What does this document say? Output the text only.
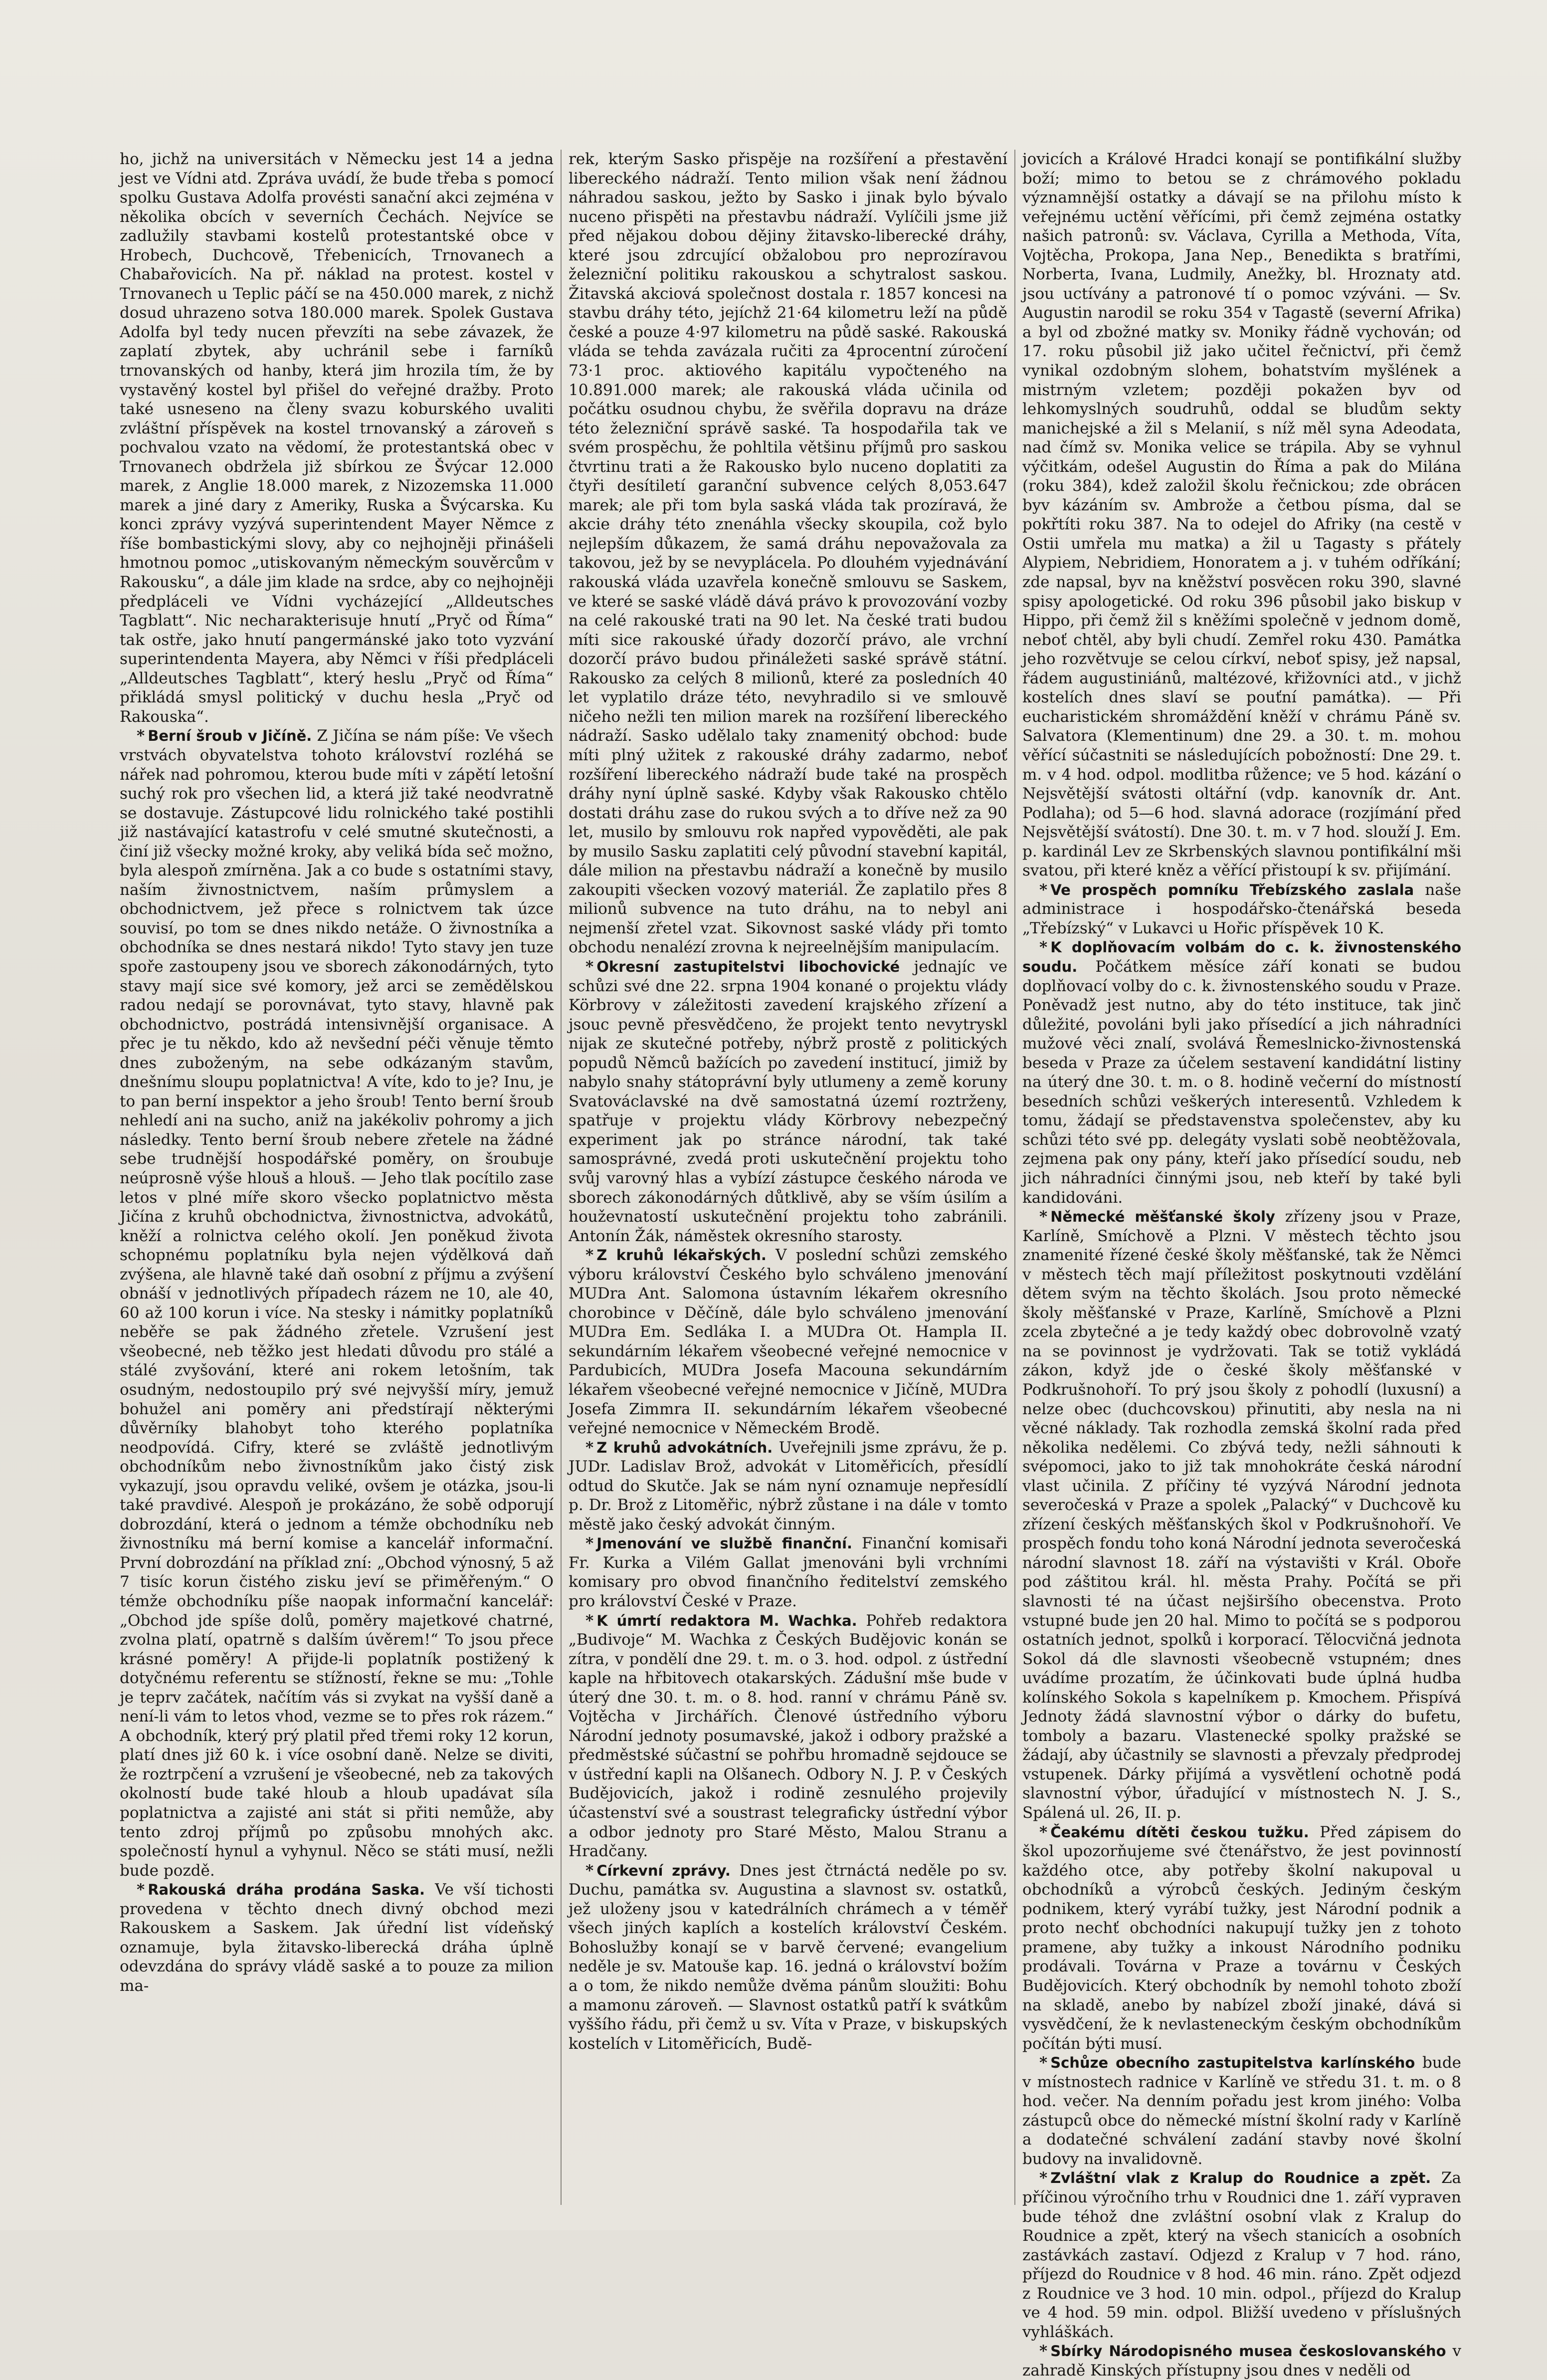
ho, jichž na universitách v Německu jest 14 a jedna jest ve Vídni atd. Zpráva uvádí, že bude třeba s pomocí spolku Gustava Adolfa provésti sanační akci zejména v několika obcích v severních Čechách. Nejvíce se zadlužily stavbami kostelů protestantské obce v Hrobech, Duchcově, Třebenicích, Trnovanech a Chabařovicích. Na př. náklad na protest. kostel v Trnovanech u Teplic páčí se na 450.000 marek, z nichž dosud uhrazeno sotva 180.000 marek. Spolek Gustava Adolfa byl tedy nucen převzíti na sebe závazek, že zaplatí zbytek, aby uchránil sebe i farníků trnovanských od hanby, která jim hrozila tím, že by vystavěný kostel byl přišel do veřejné dražby. Proto také usneseno na členy svazu koburského uvaliti zvláštní příspěvek na kostel trnovanský a zároveň s pochvalou vzato na vědomí, že protestantská obec v Trnovanech obdržela již sbírkou ze Švýcar 12.000 marek, z Anglie 18.000 marek, z Nizozemska 11.000 marek a jiné dary z Ameriky, Ruska a Švýcarska. Ku konci zprávy vyzývá superintendent Mayer Němce z říše bombastickými slovy, aby co nejhojněji přinášeli hmotnou pomoc „utiskovaným německým souvěrcům v Rakousku“, a dále jim klade na srdce, aby co nejhojněji předpláceli ve Vídni vycházející „Alldeutsches Tagblatt“. Nic necharakterisuje hnutí „Pryč od Říma“ tak ostře, jako hnutí pangermánské jako toto vyzvání superintendenta Mayera, aby Němci v říši předpláceli „Alldeutsches Tagblatt“, který heslu „Pryč od Říma“ přikládá smysl politický v duchu hesla „Pryč od Rakouska“.

* Berní šroub v Jičíně. Z Jičína se nám píše: Ve všech vrstvách obyvatelstva tohoto království rozléhá se nářek nad pohromou, kterou bude míti v zápětí letošní suchý rok pro všechen lid, a která již také neodvratně se dostavuje. Zástupcové lidu rolnického také postihli již nastávající katastrofu v celé smutné skutečnosti, a činí již všecky možné kroky, aby veliká bída seč možno, byla alespoň zmírněna. Jak a co bude s ostatními stavy, naším živnostnictvem, naším průmyslem a obchodnictvem, jež přece s rolnictvem tak úzce souvisí, po tom se dnes nikdo netáže. O živnostníka a obchodníka se dnes nestará nikdo! Tyto stavy jen tuze spoře zastoupeny jsou ve sborech zákonodárných, tyto stavy mají sice své komory, jež arci se zemědělskou radou nedají se porovnávat, tyto stavy, hlavně pak obchodnictvo, postrádá intensivnější organisace. A přec je tu někdo, kdo až nevšední péči věnuje těmto dnes zuboženým, na sebe odkázaným stavům, dnešnímu sloupu poplatnictva! A víte, kdo to je? Inu, je to pan berní inspektor a jeho šroub! Tento berní šroub nehledí ani na sucho, aniž na jakékoliv pohromy a jich následky. Tento berní šroub nebere zřetele na žádné sebe trudnější hospodářské poměry, on šroubuje neúprosně výše hlouš a hlouš. — Jeho tlak pocítilo zase letos v plné míře skoro všecko poplatnictvo města Jičína z kruhů obchodnictva, živnostnictva, advokátů, kněží a rolnictva celého okolí. Jen poněkud života schopnému poplatníku byla nejen výdělková daň zvýšena, ale hlavně také daň osobní z příjmu a zvýšení obnáší v jednotlivých případech rázem ne 10, ale 40, 60 až 100 korun i více. Na stesky i námitky poplatníků neběře se pak žádného zřetele. Vzrušení jest všeobecné, neb těžko jest hledati důvodu pro stálé a stálé zvyšování, které ani rokem letošním, tak osudným, nedostoupilo prý své nejvyšší míry, jemuž bohužel ani poměry ani předstírají některými důvěrníky blahobyt toho kterého poplatníka neodpovídá. Cifry, které se zvláště jednotlivým obchodníkům nebo živnostníkům jako čistý zisk vykazují, jsou opravdu veliké, ovšem je otázka, jsou-li také pravdivé. Alespoň je prokázáno, že sobě odporují dobrozdání, která o jednom a témže obchodníku neb živnostníku má berní komise a kancelář informační. První dobrozdání na příklad zní: „Obchod výnosný, 5 až 7 tisíc korun čistého zisku jeví se přiměřeným.“ O témže obchodníku píše naopak informační kancelář: „Obchod jde spíše dolů, poměry majetkové chatrné, zvolna platí, opatrně s dalším úvěrem!“ To jsou přece krásné poměry! A přijde-li poplatník postižený k dotyčnému referentu se stížností, řekne se mu: „Tohle je teprv začátek, načítím vás si zvykat na vyšší daně a není-li vám to letos vhod, vezme se to přes rok rázem.“ A obchodník, který prý platil před třemi roky 12 korun, platí dnes již 60 k. i více osobní daně. Nelze se diviti, že roztrpčení a vzrušení je všeobecné, neb za takových okolností bude také hloub a hloub upadávat síla poplatnictva a zajisté ani stát si přiti nemůže, aby tento zdroj příjmů po způsobu mnohých akc. společností hynul a vyhynul. Něco se státi musí, nežli bude pozdě.

* Rakouská dráha prodána Saska. Ve vší tichosti provedena v těchto dnech divný obchod mezi Rakouskem a Saskem. Jak úřední list vídeňský oznamuje, byla žitavsko-liberecká dráha úplně odevzdána do správy vládě saské a to pouze za milion ma-

rek, kterým Sasko přispěje na rozšíření a přestavění libereckého nádraží. Tento milion však není žádnou náhradou saskou, ježto by Sasko i jinak bylo bývalo nuceno přispěti na přestavbu nádraží. Vylíčili jsme již před nějakou dobou dějiny žitavsko-liberecké dráhy, které jsou zdrcující obžalobou pro neprozíravou železniční politiku rakouskou a schytralost saskou. Žitavská akciová společnost dostala r. 1857 koncesi na stavbu dráhy této, jejíchž 21·64 kilometru leží na půdě české a pouze 4·97 kilometru na půdě saské. Rakouská vláda se tehda zavázala ručiti za 4procentní zúročení 73·1 proc. aktiového kapitálu vypočteného na 10.891.000 marek; ale rakouská vláda učinila od počátku osudnou chybu, že svěřila dopravu na dráze této železniční správě saské. Ta hospodařila tak ve svém prospěchu, že pohltila většinu příjmů pro saskou čtvrtinu trati a že Rakousko bylo nuceno doplatiti za čtyři desítiletí garanční subvence celých 8,053.647 marek; ale při tom byla saská vláda tak prozíravá, že akcie dráhy této znenáhla všecky skoupila, což bylo nejlepším důkazem, že samá dráhu nepovažovala za takovou, jež by se nevyplácela. Po dlouhém vyjednávání rakouská vláda uzavřela konečně smlouvu se Saskem, ve které se saské vládě dává právo k provozování vozby na celé rakouské trati na 90 let. Na české trati budou míti sice rakouské úřady dozorčí právo, ale vrchní dozorčí právo budou přináležeti saské správě státní. Rakousko za celých 8 milionů, které za posledních 40 let vyplatilo dráze této, nevyhradilo si ve smlouvě ničeho nežli ten milion marek na rozšíření libereckého nádraží. Sasko udělalo taky znamenitý obchod: bude míti plný užitek z rakouské dráhy zadarmo, neboť rozšíření libereckého nádraží bude také na prospěch dráhy nyní úplně saské. Kdyby však Rakousko chtělo dostati dráhu zase do rukou svých a to dříve než za 90 let, musilo by smlouvu rok napřed vypověděti, ale pak by musilo Sasku zaplatiti celý původní stavební kapitál, dále milion na přestavbu nádraží a konečně by musilo zakoupiti všecken vozový materiál. Že zaplatilo přes 8 milionů subvence na tuto dráhu, na to nebyl ani nejmenší zřetel vzat. Sikovnost saské vlády při tomto obchodu nenalézí zrovna k nejreelnějším manipulacím.

* Okresní zastupitelstvi libochovické jednajíc ve schůzi své dne 22. srpna 1904 konané o projektu vlády Körbrovy v záležitosti zavedení krajského zřízení a jsouc pevně přesvědčeno, že projekt tento nevytryskl nijak ze skutečné potřeby, nýbrž prostě z politických popudů Němců bažících po zavedení institucí, jimiž by nabylo snahy státoprávní byly utlumeny a země koruny Svatováclavské na dvě samostatná území roztrženy, spatřuje v projektu vlády Körbrovy nebezpečný experiment jak po stránce národní, tak také samosprávné, zvedá proti uskutečnění projektu toho svůj varovný hlas a vybízí zástupce českého národa ve sborech zákonodárných důtklivě, aby se vším úsilím a houževnatostí uskutečnění projektu toho zabránili. Antonín Žák, náměstek okresního starosty.

* Z kruhů lékařských. V poslední schůzi zemského výboru království Českého bylo schváleno jmenování MUDra Ant. Salomona ústavním lékařem okresního chorobince v Děčíně, dále bylo schváleno jmenování MUDra Em. Sedláka I. a MUDra Ot. Hampla II. sekundárním lékařem všeobecné veřejné nemocnice v Pardubicích, MUDra Josefa Macouna sekundárním lékařem všeobecné veřejné nemocnice v Jičíně, MUDra Josefa Zimmra II. sekundárním lékařem všeobecné veřejné nemocnice v Německém Brodě.

* Z kruhů advokátních. Uveřejnili jsme zprávu, že p. JUDr. Ladislav Brož, advokát v Litoměřicích, přesídlí odtud do Skutče. Jak se nám nyní oznamuje nepřesídlí p. Dr. Brož z Litoměřic, nýbrž zůstane i na dále v tomto městě jako český advokát činným.

* Jmenování ve službě finanční. Finanční komisaři Fr. Kurka a Vilém Gallat jmenováni byli vrchními komisary pro obvod finančního ředitelství zemského pro království České v Praze.

* K úmrtí redaktora M. Wachka. Pohřeb redaktora „Budivoje“ M. Wachka z Českých Budějovic konán se zítra, v pondělí dne 29. t. m. o 3. hod. odpol. z ústřední kaple na hřbitovech otakarských. Zádušní mše bude v úterý dne 30. t. m. o 8. hod. ranní v chrámu Páně sv. Vojtěcha v Jirchářích. Členové ústředního výboru Národní jednoty posumavské, jakož i odbory pražské a předměstské súčastní se pohřbu hromadně sejdouce se v ústřední kapli na Olšanech. Odbory N. J. P. v Českých Budějovicích, jakož i rodině zesnulého projevily účastenství své a soustrast telegraficky ústřední výbor a odbor jednoty pro Staré Město, Malou Stranu a Hradčany.

* Církevní zprávy. Dnes jest čtrnáctá neděle po sv. Duchu, památka sv. Augustina a slavnost sv. ostatků, jež uloženy jsou v katedrálních chrámech a v téměř všech jiných kaplích a kostelích království Českém. Bohoslužby konají se v barvě červené; evangelium neděle je sv. Matouše kap. 16. jedná o království božím a o tom, že nikdo nemůže dvěma pánům sloužiti: Bohu a mamonu zároveň. — Slavnost ostatků patří k svátkům vyššího řádu, při čemž u sv. Víta v Praze, v biskupských kostelích v Litoměřicích, Budě-

jovicích a Králové Hradci konají se pontifikální služby boží; mimo to betou se z chrámového pokladu významnější ostatky a dávají se na přilohu místo k veřejnému uctění věřícími, při čemž zejména ostatky našich patronů: sv. Václava, Cyrilla a Methoda, Víta, Vojtěcha, Prokopa, Jana Nep., Benedikta s bratřími, Norberta, Ivana, Ludmily, Anežky, bl. Hroznaty atd. jsou uctívány a patronové tí o pomoc vzýváni. — Sv. Augustin narodil se roku 354 v Tagastě (severní Afrika) a byl od zbožné matky sv. Moniky řádně vychován; od 17. roku působil již jako učitel řečnictví, při čemž vynikal ozdobným slohem, bohatstvím myšlének a mistrným vzletem; později pokažen byv od lehkomyslných soudruhů, oddal se bludům sekty manichejské a žil s Melanií, s níž měl syna Adeodata, nad čímž sv. Monika velice se trápila. Aby se vyhnul výčitkám, odešel Augustin do Říma a pak do Milána (roku 384), kdež založil školu řečnickou; zde obrácen byv kázáním sv. Ambrože a četbou písma, dal se pokřtíti roku 387. Na to odejel do Afriky (na cestě v Ostii umřela mu matka) a žil u Tagasty s přátely Alypiem, Nebridiem, Honoratem a j. v tuhém odříkání; zde napsal, byv na kněžství posvěcen roku 390, slavné spisy apologetické. Od roku 396 působil jako biskup v Hippo, při čemž žil s kněžími společně v jednom domě, neboť chtěl, aby byli chudí. Zemřel roku 430. Památka jeho rozvětvuje se celou církví, neboť spisy, jež napsal, řádem augustiniánů, maltézové, křižovníci atd., v jichž kostelích dnes slaví se pouťní památka). — Při eucharistickém shromáždění kněží v chrámu Páně sv. Salvatora (Klementinum) dne 29. a 30. t. m. mohou věřící súčastniti se následujících pobožností: Dne 29. t. m. v 4 hod. odpol. modlitba růžence; ve 5 hod. kázání o Nejsvětější svátosti oltářní (vdp. kanovník dr. Ant. Podlaha); od 5—6 hod. slavná adorace (rozjímání před Nejsvětější svátostí). Dne 30. t. m. v 7 hod. slouží J. Em. p. kardinál Lev ze Skrbenských slavnou pontifikální mši svatou, při které kněz a věřící přistoupí k sv. přijímání.

* Ve prospěch pomníku Třebízského zaslala naše administrace i hospodářsko-čtenářská beseda „Třebízský“ v Lukavci u Hořic příspěvek 10 K.

* K doplňovacím volbám do c. k. živnostenského soudu. Počátkem měsíce září konati se budou doplňovací volby do c. k. živnostenského soudu v Praze. Poněvadž jest nutno, aby do této instituce, tak jinč důležité, povoláni byli jako přísedící a jich náhradníci mužové věci znalí, svolává Řemeslnicko-živnostenská beseda v Praze za účelem sestavení kandidátní listiny na úterý dne 30. t. m. o 8. hodině večerní do místností besedních schůzi veškerých interesentů. Vzhledem k tomu, žádají se představenstva společenstev, aby ku schůzi této své pp. delegáty vyslati sobě neobtěžovala, zejmena pak ony pány, kteří jako přísedící soudu, neb jich náhradníci činnými jsou, neb kteří by také byli kandidováni.

* Německé měšťanské školy zřízeny jsou v Praze, Karlíně, Smíchově a Plzni. V městech těchto jsou znamenité řízené české školy měšťanské, tak že Němci v městech těch mají příležitost poskytnouti vzdělání dětem svým na těchto školách. Jsou proto německé školy měšťanské v Praze, Karlíně, Smíchově a Plzni zcela zbytečné a je tedy každý obec dobrovolně vzatý na se povinnost je vydržovati. Tak se totiž vykládá zákon, když jde o české školy měšťanské v Podkrušnohoří. To prý jsou školy z pohodlí (luxusní) a nelze obec (duchcovskou) přinutiti, aby nesla na ni věcné náklady. Tak rozhodla zemská školní rada před několika nedělemi. Co zbývá tedy, nežli sáhnouti k svépomoci, jako to již tak mnohokráte česká národní vlast učinila. Z příčiny té vyzývá Národní jednota severočeská v Praze a spolek „Palacký“ v Duchcově ku zřízení českých měšťanských škol v Podkrušnohoří. Ve prospěch fondu toho koná Národní jednota severočeská národní slavnost 18. září na výstavišti v Král. Oboře pod záštitou král. hl. města Prahy. Počítá se při slavnosti té na účast nejširšího obecenstva. Proto vstupné bude jen 20 hal. Mimo to počítá se s podporou ostatních jednot, spolků i korporací. Tělocvičná jednota Sokol dá dle slavnosti všeobecně vstupném; dnes uvádíme prozatím, že účinkovati bude úplná hudba kolínského Sokola s kapelníkem p. Kmochem. Přispívá Jednoty žádá slavnostní výbor o dárky do bufetu, tomboly a bazaru. Vlastenecké spolky pražské se žádají, aby účastnily se slavnosti a převzaly předprodej vstupenek. Dárky přijímá a vysvětlení ochotně podá slavnostní výbor, úřadující v místnostech N. J. S., Spálená ul. 26, II. p.

* Čeakému dítěti českou tužku. Před zápisem do škol upozorňujeme své čtenářstvo, že jest povinností každého otce, aby potřeby školní nakupoval u obchodníků a výrobců českých. Jediným českým podnikem, který vyrábí tužky, jest Národní podnik a proto nechť obchodníci nakupují tužky jen z tohoto pramene, aby tužky a inkoust Národního podniku prodávali. Továrna v Praze a továrnu v Českých Budějovicích. Který obchodník by nemohl tohoto zboží na skladě, anebo by nabízel zboží jinaké, dává si vysvědčení, že k nevlasteneckým českým obchodníkům počítán býti musí.

* Schůze obecního zastupitelstva karlínského bude v místnostech radnice v Karlíně ve středu 31. t. m. o 8 hod. večer. Na denním pořadu jest krom jiného: Volba zástupců obce do německé místní školní rady v Karlíně a dodatečné schválení zadání stavby nové školní budovy na invalidovně.

* Zvláštní vlak z Kralup do Roudnice a zpět. Za příčinou výročního trhu v Roudnici dne 1. září vypraven bude téhož dne zvláštní osobní vlak z Kralup do Roudnice a zpět, který na všech stanicích a osobních zastávkách zastaví. Odjezd z Kralup v 7 hod. ráno, příjezd do Roudnice v 8 hod. 46 min. ráno. Zpět odjezd z Roudnice ve 3 hod. 10 min. odpol., příjezd do Kralup ve 4 hod. 59 min. odpol. Bližší uvedeno v příslušných vyhláškách.

* Sbírky Národopisného musea českoslovanského v zahradě Kinských přístupny jsou dnes v neděli od
